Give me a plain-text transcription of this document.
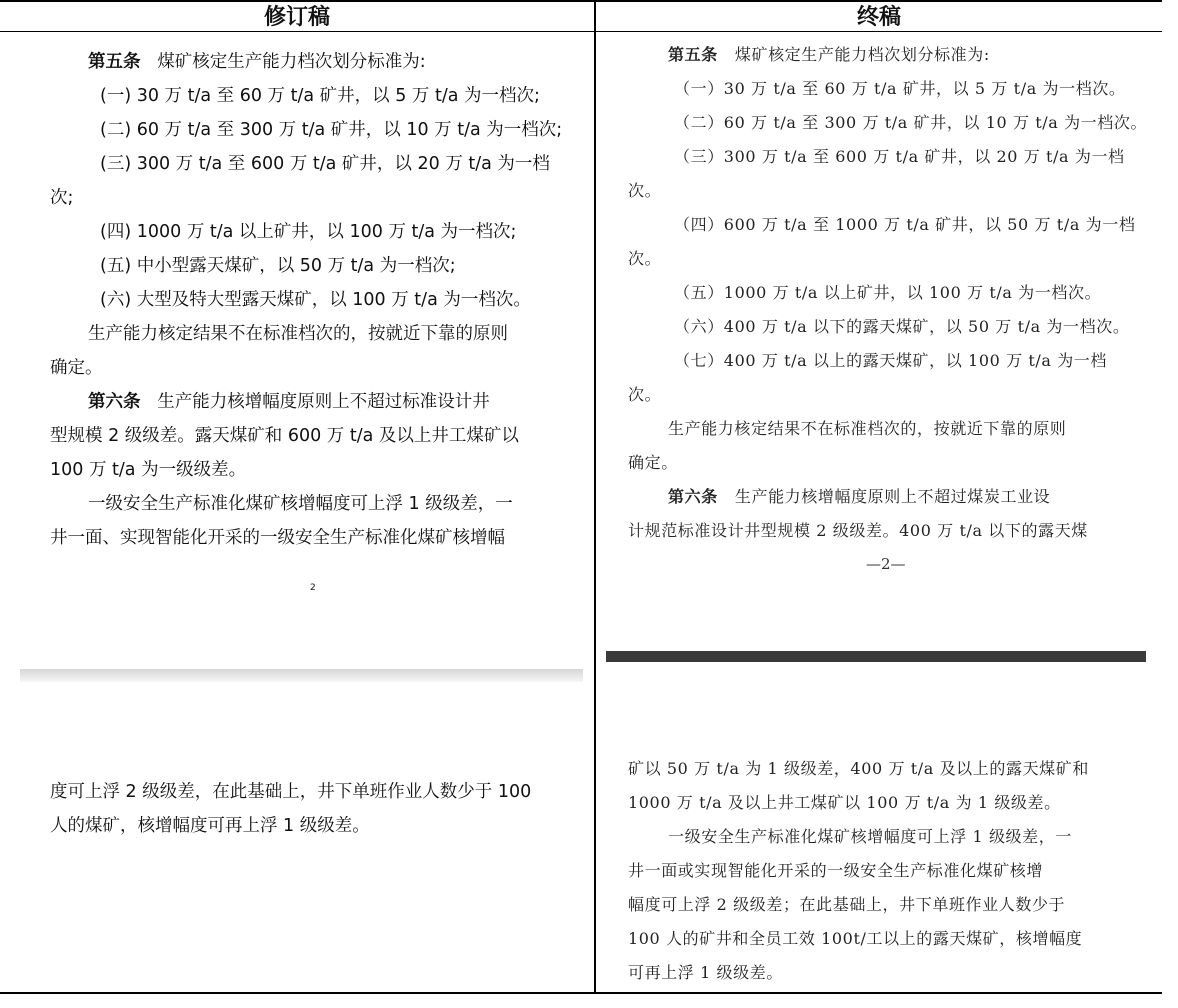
修订稿	终稿
第五条 煤矿核定生产能力档次划分标准为:
(一) 30 万 t/a 至 60 万 t/a 矿井，以 5 万 t/a 为一档次;
(二) 60 万 t/a 至 300 万 t/a 矿井，以 10 万 t/a 为一档次;
(三) 300 万 t/a 至 600 万 t/a 矿井，以 20 万 t/a 为一档
次;
(四) 1000 万 t/a 以上矿井，以 100 万 t/a 为一档次;
(五) 中小型露天煤矿，以 50 万 t/a 为一档次;
(六) 大型及特大型露天煤矿，以 100 万 t/a 为一档次。
生产能力核定结果不在标准档次的，按就近下靠的原则
确定。
第六条 生产能力核增幅度原则上不超过标准设计井
型规模 2 级级差。露天煤矿和 600 万 t/a 及以上井工煤矿以
100 万 t/a 为一级级差。
一级安全生产标准化煤矿核增幅度可上浮 1 级级差，一
井一面、实现智能化开采的一级安全生产标准化煤矿核增幅
2
度可上浮 2 级级差，在此基础上，井下单班作业人数少于 100
人的煤矿，核增幅度可再上浮 1 级级差。
第五条 煤矿核定生产能力档次划分标准为:
（一）30 万 t/a 至 60 万 t/a 矿井，以 5 万 t/a 为一档次。
（二）60 万 t/a 至 300 万 t/a 矿井，以 10 万 t/a 为一档次。
（三）300 万 t/a 至 600 万 t/a 矿井，以 20 万 t/a 为一档
次。
（四）600 万 t/a 至 1000 万 t/a 矿井，以 50 万 t/a 为一档
次。
（五）1000 万 t/a 以上矿井，以 100 万 t/a 为一档次。
（六）400 万 t/a 以下的露天煤矿，以 50 万 t/a 为一档次。
（七）400 万 t/a 以上的露天煤矿，以 100 万 t/a 为一档
次。
生产能力核定结果不在标准档次的，按就近下靠的原则
确定。
第六条 生产能力核增幅度原则上不超过煤炭工业设
计规范标准设计井型规模 2 级级差。400 万 t/a 以下的露天煤
—2—
矿以 50 万 t/a 为 1 级级差，400 万 t/a 及以上的露天煤矿和
1000 万 t/a 及以上井工煤矿以 100 万 t/a 为 1 级级差。
一级安全生产标准化煤矿核增幅度可上浮 1 级级差，一
井一面或实现智能化开采的一级安全生产标准化煤矿核增
幅度可上浮 2 级级差；在此基础上，井下单班作业人数少于
100 人的矿井和全员工效 100t/工以上的露天煤矿，核增幅度
可再上浮 1 级级差。
